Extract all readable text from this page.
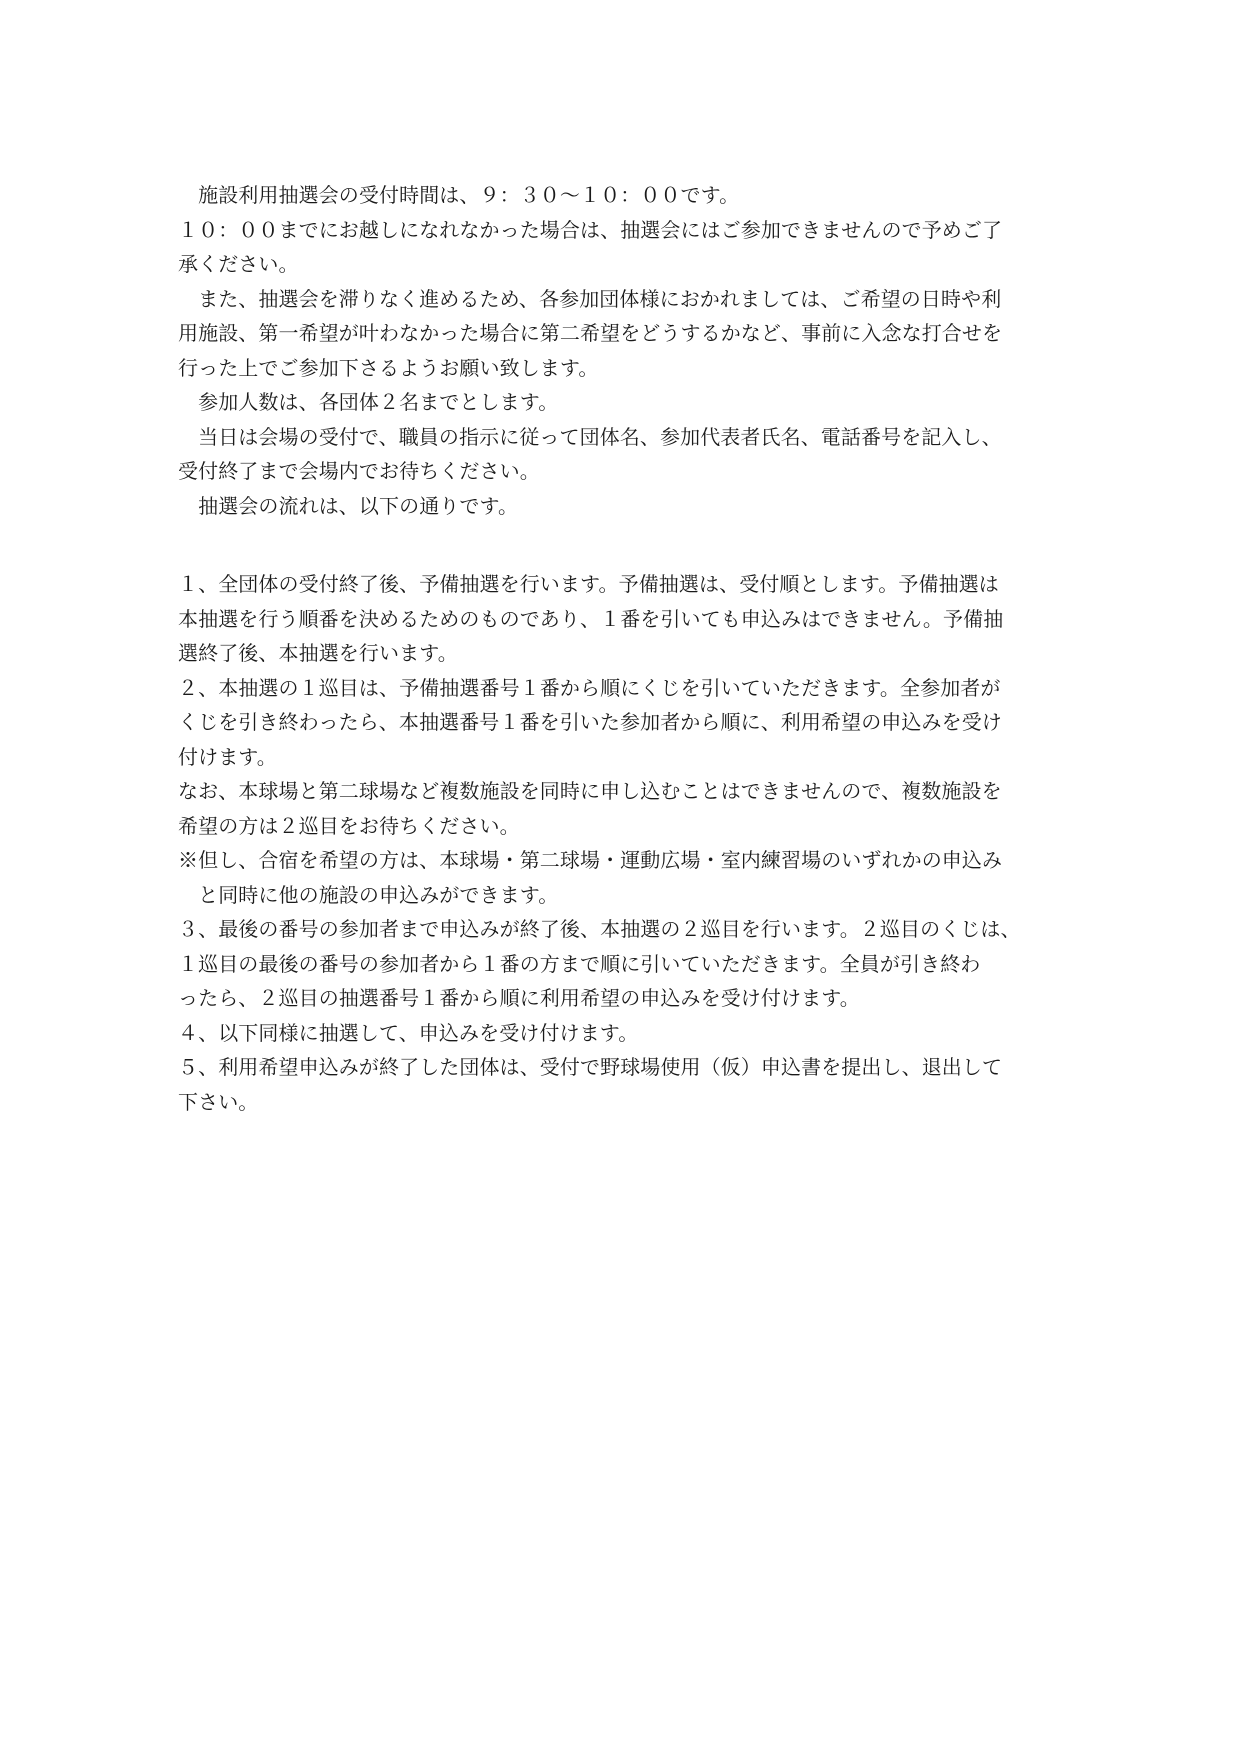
　施設利用抽選会の受付時間は、９：３０～１０：００です。
１０：００までにお越しになれなかった場合は、抽選会にはご参加できませんので予めご了
承ください。
　また、抽選会を滞りなく進めるため、各参加団体様におかれましては、ご希望の日時や利
用施設、第一希望が叶わなかった場合に第二希望をどうするかなど、事前に入念な打合せを
行った上でご参加下さるようお願い致します。
　参加人数は、各団体２名までとします。
　当日は会場の受付で、職員の指示に従って団体名、参加代表者氏名、電話番号を記入し、
受付終了まで会場内でお待ちください。
　抽選会の流れは、以下の通りです。
１、全団体の受付終了後、予備抽選を行います。予備抽選は、受付順とします。予備抽選は
本抽選を行う順番を決めるためのものであり、１番を引いても申込みはできません。予備抽
選終了後、本抽選を行います。
２、本抽選の１巡目は、予備抽選番号１番から順にくじを引いていただきます。全参加者が
くじを引き終わったら、本抽選番号１番を引いた参加者から順に、利用希望の申込みを受け
付けます。
なお、本球場と第二球場など複数施設を同時に申し込むことはできませんので、複数施設を
希望の方は２巡目をお待ちください。
※但し、合宿を希望の方は、本球場・第二球場・運動広場・室内練習場のいずれかの申込み
　と同時に他の施設の申込みができます。
３、最後の番号の参加者まで申込みが終了後、本抽選の２巡目を行います。２巡目のくじは、
１巡目の最後の番号の参加者から１番の方まで順に引いていただきます。全員が引き終わ
ったら、２巡目の抽選番号１番から順に利用希望の申込みを受け付けます。
４、以下同様に抽選して、申込みを受け付けます。
５、利用希望申込みが終了した団体は、受付で野球場使用（仮）申込書を提出し、退出して
下さい。
